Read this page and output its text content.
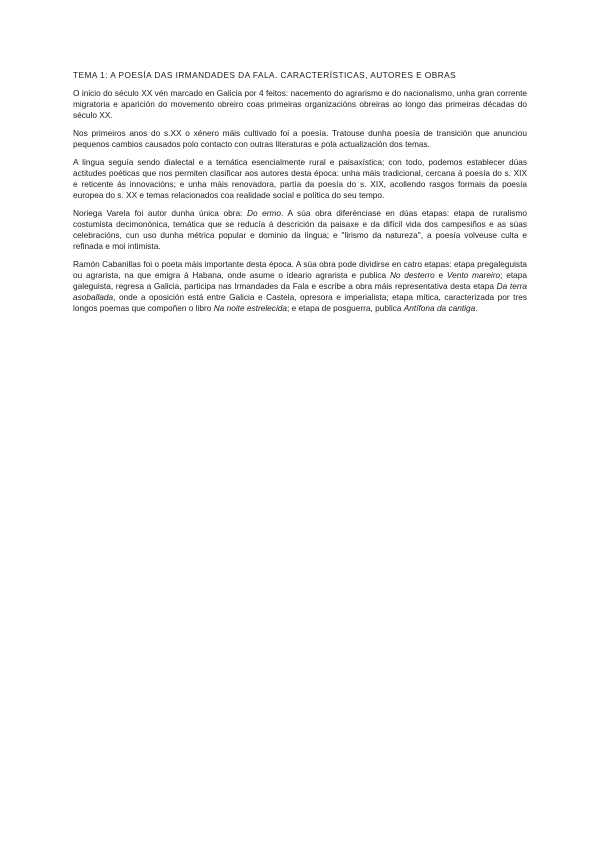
TEMA 1: A POESÍA DAS IRMANDADES DA FALA. CARACTERÍSTICAS, AUTORES E OBRAS

O inicio do século XX vén marcado en Galicia por 4 feitos: nacemento do agrarismo e do nacionalismo, unha gran corrente migratoria e aparición do movemento obreiro coas primeiras organizacións obreiras ao longo das primeiras décadas do século XX.

Nos primeiros anos do s.XX o xénero máis cultivado foi a poesía. Tratouse dunha poesía de transición que anunciou pequenos cambios causados polo contacto con outras literaturas e pola actualización dos temas.

A lingua seguía sendo dialectal e a temática esencialmente rural e paisaxística; con todo, podemos establecer dúas actitudes poéticas que nos permiten clasificar aos autores desta época: unha máis tradicional, cercana á poesía do s. XIX e reticente ás innovacións; e unha máis renovadora, partía da poesía do s. XIX, acollendo rasgos formais da poesía europea do s. XX e temas relacionados coa realidade social e política do seu tempo.

Noriega Varela foi autor dunha única obra: Do ermo. A súa obra diferénciase en dúas etapas: etapa de ruralismo costumista decimonónica, temática que se reducía á descrición da paisaxe e da difícil vida dos campesiños e as súas celebracións, cun uso dunha métrica popular e dominio da lingua; e "lirismo da natureza", a poesía volveuse culta e refinada e moi intimista.

Ramón Cabanillas foi o poeta máis importante desta época. A súa obra pode dividirse en catro etapas: etapa pregaleguista ou agrarista, na que emigra á Habana, onde asume o ideario agrarista e publica No desterro e Vento mareiro; etapa galeguista, regresa a Galicia, participa nas Irmandades da Fala e escribe a obra máis representativa desta etapa Da terra asoballada, onde a oposición está entre Galicia e Castela, opresora e imperialista; etapa mítica, caracterizada por tres longos poemas que compoñen o libro Na noite estrelecida; e etapa de posguerra, publica Antífona da cantiga.
